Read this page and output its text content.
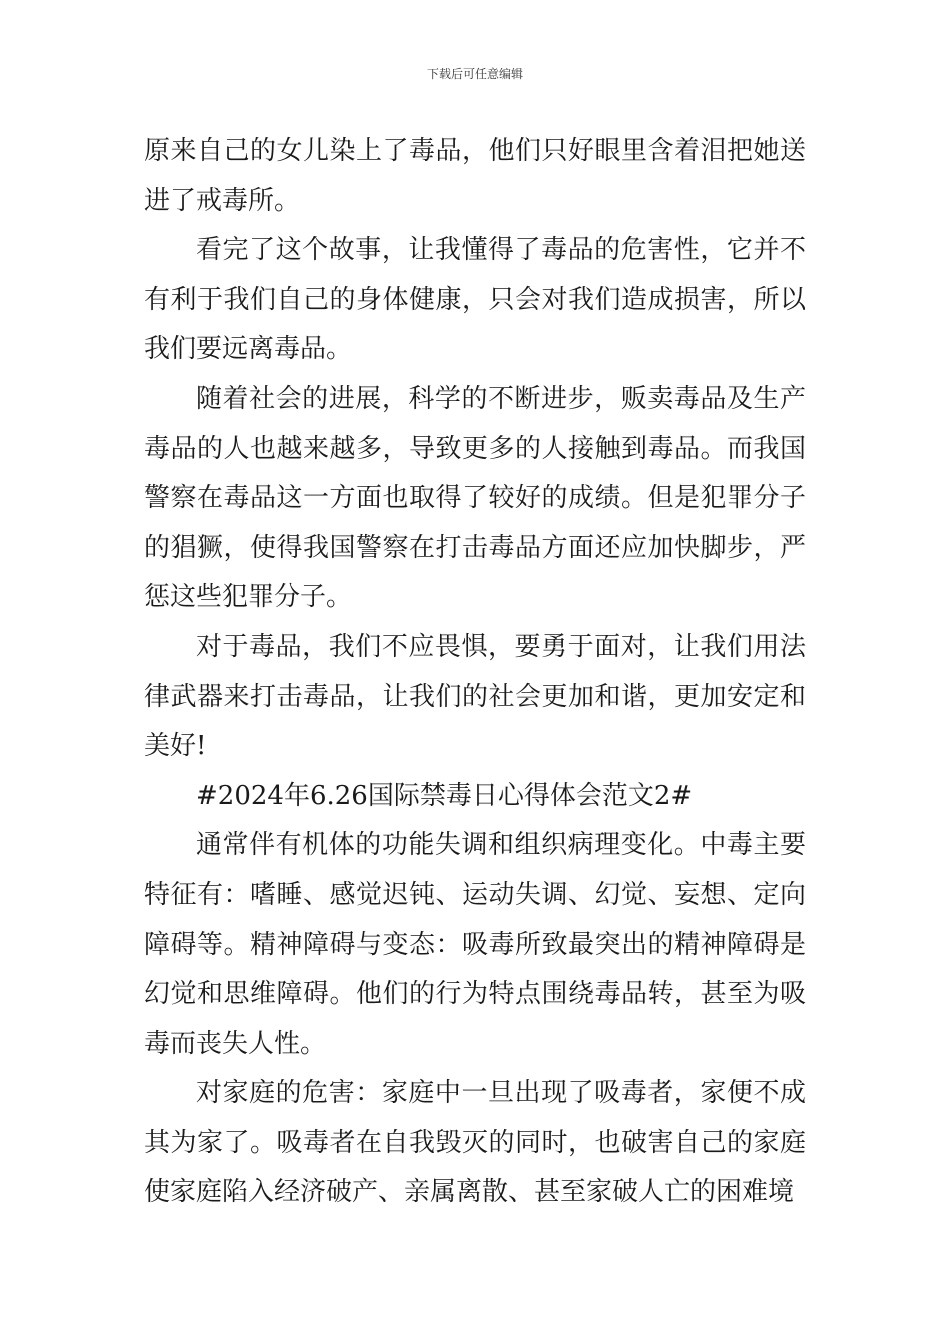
下载后可任意编辑

原来自己的女儿染上了毒品，他们只好眼里含着泪把她送进了戒毒所。

看完了这个故事，让我懂得了毒品的危害性，它并不有利于我们自己的身体健康，只会对我们造成损害，所以我们要远离毒品。

随着社会的进展，科学的不断进步，贩卖毒品及生产毒品的人也越来越多，导致更多的人接触到毒品。而我国警察在毒品这一方面也取得了较好的成绩。但是犯罪分子的猖獗，使得我国警察在打击毒品方面还应加快脚步，严惩这些犯罪分子。

对于毒品，我们不应畏惧，要勇于面对，让我们用法律武器来打击毒品，让我们的社会更加和谐，更加安定和美好!

#2024年6.26国际禁毒日心得体会范文2#

通常伴有机体的功能失调和组织病理变化。中毒主要特征有：嗜睡、感觉迟钝、运动失调、幻觉、妄想、定向障碍等。精神障碍与变态：吸毒所致最突出的精神障碍是幻觉和思维障碍。他们的行为特点围绕毒品转，甚至为吸毒而丧失人性。

对家庭的危害：家庭中一旦出现了吸毒者，家便不成其为家了。吸毒者在自我毁灭的同时，也破害自己的家庭使家庭陷入经济破产、亲属离散、甚至家破人亡的困难境
